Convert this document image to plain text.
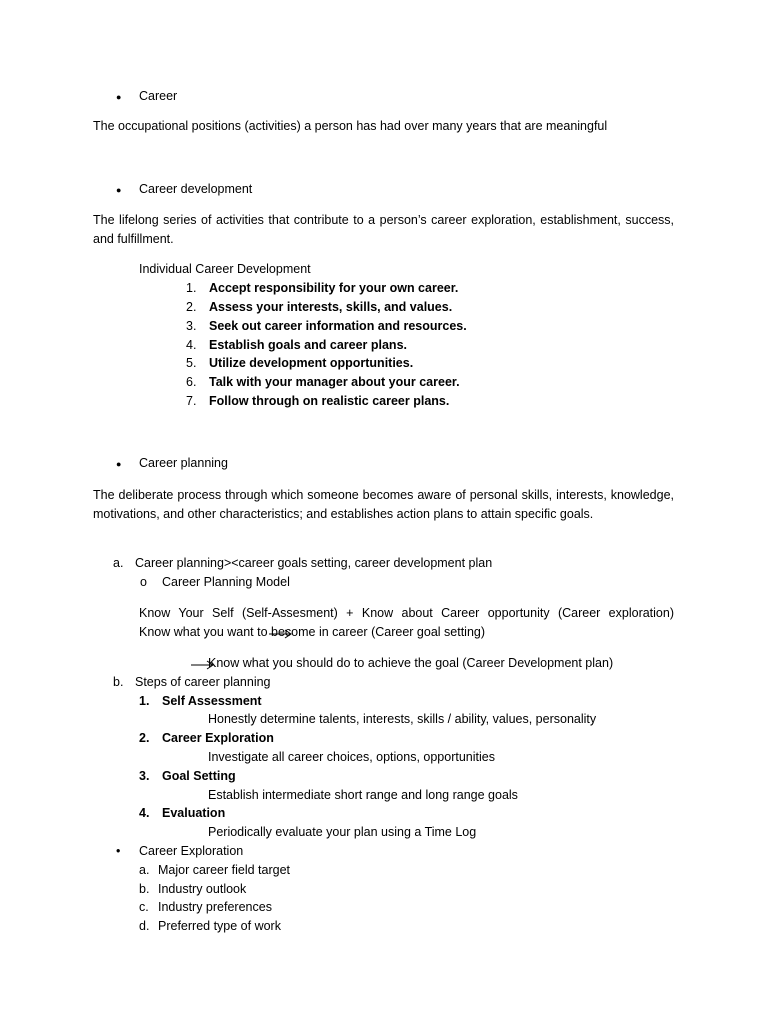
● Career
The occupational positions (activities) a person has had over many years that are meaningful
● Career development
The lifelong series of activities that contribute to a person’s career exploration, establishment, success, and fulfillment.
Individual Career Development
1. Accept responsibility for your own career.
2. Assess your interests, skills, and values.
3. Seek out career information and resources.
4. Establish goals and career plans.
5. Utilize development opportunities.
6. Talk with your manager about your career.
7. Follow through on realistic career plans.
● Career planning
The deliberate process through which someone becomes aware of personal skills, interests, knowledge, motivations, and other characteristics; and establishes action plans to attain specific goals.
a. Career planning><career goals setting, career development plan
o Career Planning Model
Know Your Self (Self-Assesment) + Know about Career opportunity (Career exploration)
Know what you want to become in career (Career goal setting)
Know what you should do to achieve the goal (Career Development plan)
b. Steps of career planning
1. Self Assessment
Honestly determine talents, interests, skills / ability, values, personality
2. Career Exploration
Investigate all career choices, options, opportunities
3. Goal Setting
Establish intermediate short range and long range goals
4. Evaluation
Periodically evaluate your plan using a Time Log
• Career Exploration
a. Major career field target
b. Industry outlook
c. Industry preferences
d. Preferred type of work
